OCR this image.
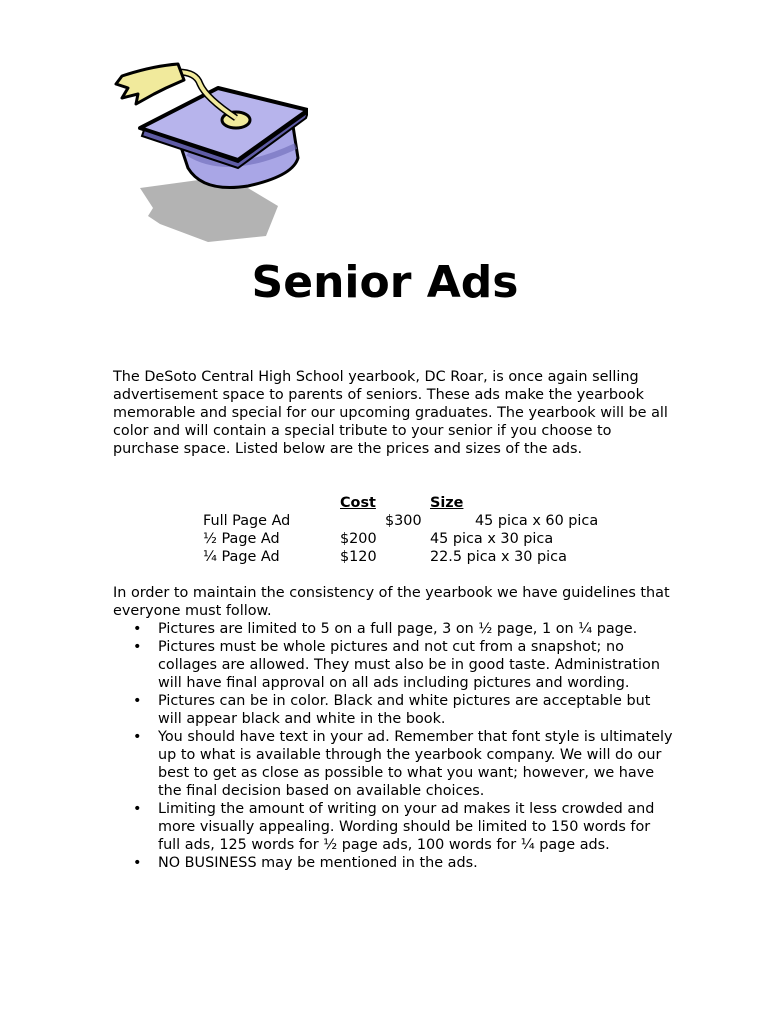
Senior Ads
The DeSoto Central High School yearbook, DC Roar, is once again selling advertisement space to parents of seniors. These ads make the yearbook memorable and special for our upcoming graduates. The yearbook will be all color and will contain a special tribute to your senior if you choose to purchase space. Listed below are the prices and sizes of the ads.
Cost	Size
Full Page Ad	$300	45 pica x 60 pica
½ Page Ad	$200	45 pica x 30 pica
¼ Page Ad	$120	22.5 pica x 30 pica
In order to maintain the consistency of the yearbook we have guidelines that everyone must follow.
• Pictures are limited to 5 on a full page, 3 on ½ page, 1 on ¼ page.
• Pictures must be whole pictures and not cut from a snapshot; no collages are allowed. They must also be in good taste. Administration will have final approval on all ads including pictures and wording.
• Pictures can be in color. Black and white pictures are acceptable but will appear black and white in the book.
• You should have text in your ad. Remember that font style is ultimately up to what is available through the yearbook company. We will do our best to get as close as possible to what you want; however, we have the final decision based on available choices.
• Limiting the amount of writing on your ad makes it less crowded and more visually appealing. Wording should be limited to 150 words for full ads, 125 words for ½ page ads, 100 words for ¼ page ads.
• NO BUSINESS may be mentioned in the ads.
